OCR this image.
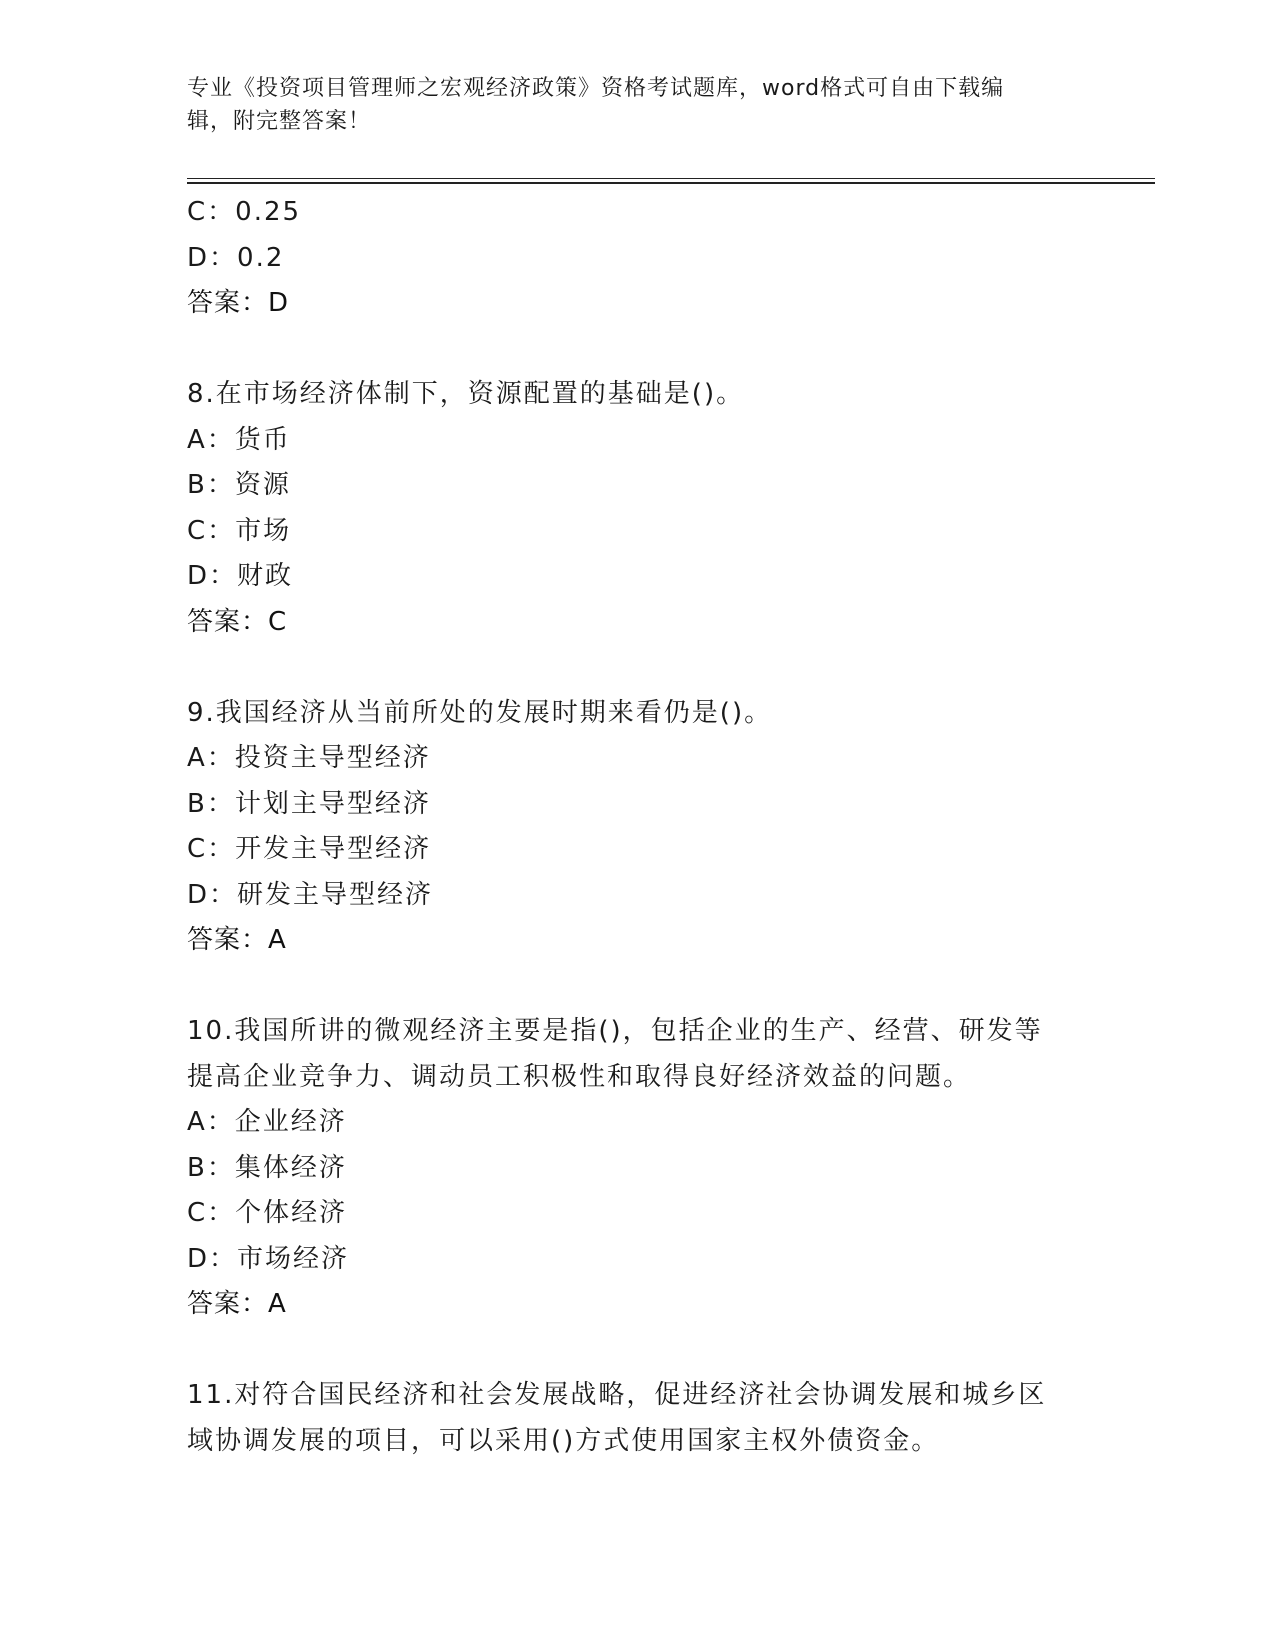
专业《投资项目管理师之宏观经济政策》资格考试题库，word格式可自由下载编
辑，附完整答案！
C：0.25
D：0.2
答案：D
8.在市场经济体制下，资源配置的基础是()。
A：货币
B：资源
C：市场
D：财政
答案：C
9.我国经济从当前所处的发展时期来看仍是()。
A：投资主导型经济
B：计划主导型经济
C：开发主导型经济
D：研发主导型经济
答案：A
10.我国所讲的微观经济主要是指()，包括企业的生产、经营、研发等
提高企业竞争力、调动员工积极性和取得良好经济效益的问题。
A：企业经济
B：集体经济
C：个体经济
D：市场经济
答案：A
11.对符合国民经济和社会发展战略，促进经济社会协调发展和城乡区
域协调发展的项目，可以采用()方式使用国家主权外债资金。
